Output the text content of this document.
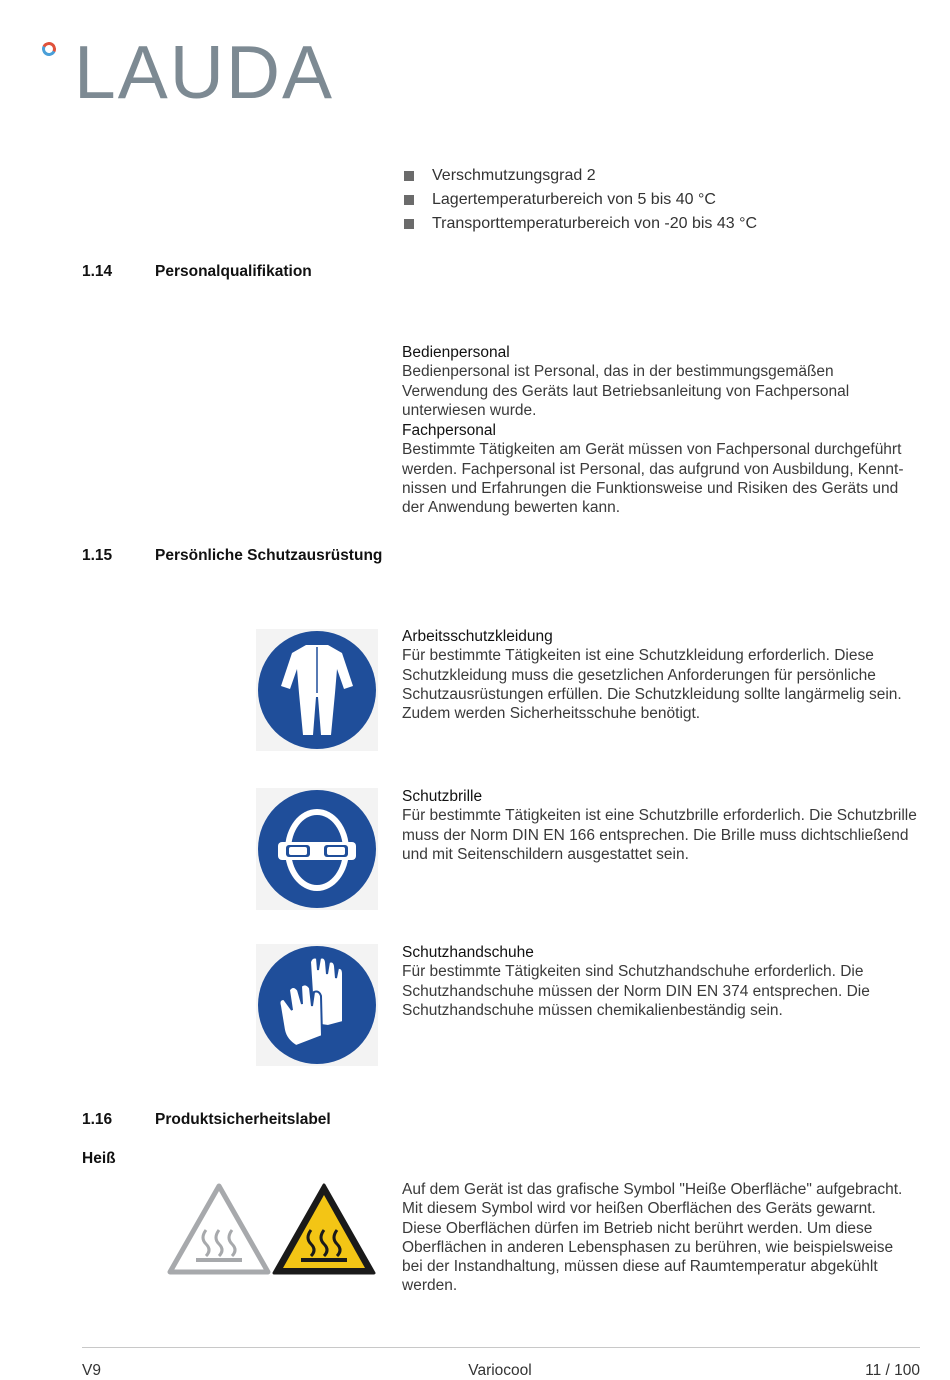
LAUDA
Verschmutzungsgrad 2
Lagertemperaturbereich von 5 bis 40 °C
Transporttemperaturbereich von -20 bis 43 °C
1.14	Personalqualifikation
Bedienpersonal
Bedienpersonal ist Personal, das in der bestimmungsgemäßen Verwendung des Geräts laut Betriebsanleitung von Fachpersonal unterwiesen wurde.
Fachpersonal
Bestimmte Tätigkeiten am Gerät müssen von Fachpersonal durchgeführt werden. Fachpersonal ist Personal, das aufgrund von Ausbildung, Kenntnissen und Erfahrungen die Funktionsweise und Risiken des Geräts und der Anwendung bewerten kann.
1.15	Persönliche Schutzausrüstung
Arbeitsschutzkleidung
Für bestimmte Tätigkeiten ist eine Schutzkleidung erforderlich. Diese Schutzkleidung muss die gesetzlichen Anforderungen für persönliche Schutzausrüstungen erfüllen. Die Schutzkleidung sollte langärmelig sein. Zudem werden Sicherheitsschuhe benötigt.
Schutzbrille
Für bestimmte Tätigkeiten ist eine Schutzbrille erforderlich. Die Schutzbrille muss der Norm DIN EN 166 entsprechen. Die Brille muss dichtschließend und mit Seitenschildern ausgestattet sein.
Schutzhandschuhe
Für bestimmte Tätigkeiten sind Schutzhandschuhe erforderlich. Die Schutzhandschuhe müssen der Norm DIN EN 374 entsprechen. Die Schutzhandschuhe müssen chemikalienbeständig sein.
1.16	Produktsicherheitslabel
Heiß
Auf dem Gerät ist das grafische Symbol "Heiße Oberfläche" aufgebracht. Mit diesem Symbol wird vor heißen Oberflächen des Geräts gewarnt. Diese Oberflächen dürfen im Betrieb nicht berührt werden. Um diese Oberflächen in anderen Lebensphasen zu berühren, wie beispielsweise bei der Instandhaltung, müssen diese auf Raumtemperatur abgekühlt werden.
V9	Variocool	11 / 100
